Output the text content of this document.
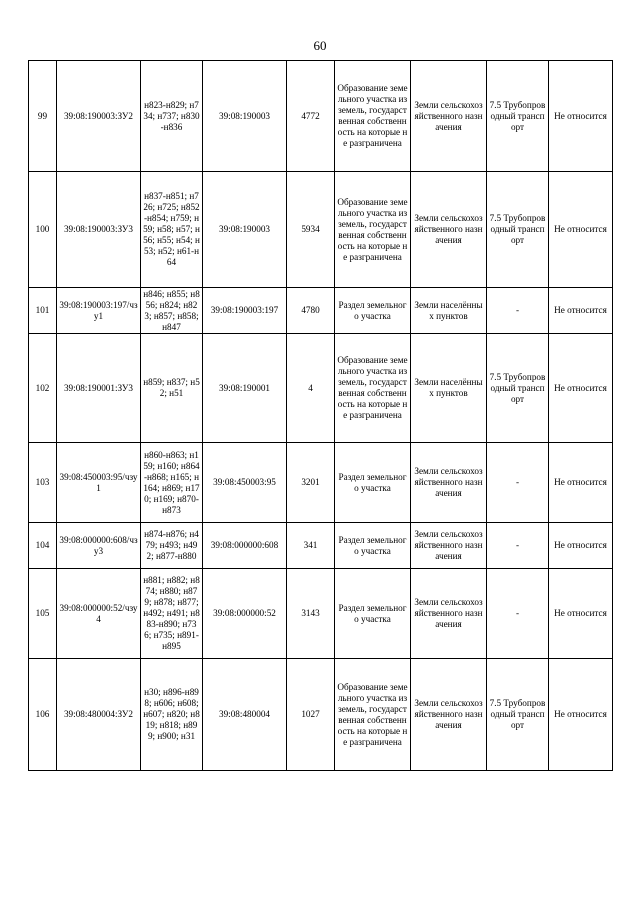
60
99	39:08:190003:ЗУ2	н823-н829; н734; н737; н830-н836	39:08:190003	4772	Образование земельного участка из земель, государственная собственность на которые не разграничена	Земли сельскохозяйственного назначения	7.5 Трубопроводный транспорт	Не относится
100	39:08:190003:ЗУ3	н837-н851; н726; н725; н852-н854; н759; н59; н58; н57; н56; н55; н54; н53; н52; н61-н64	39:08:190003	5934	Образование земельного участка из земель, государственная собственность на которые не разграничена	Земли сельскохозяйственного назначения	7.5 Трубопроводный транспорт	Не относится
101	39:08:190003:197/чзу1	н846; н855; н856; н824; н823; н857; н858; н847	39:08:190003:197	4780	Раздел земельного участка	Земли населённых пунктов	-	Не относится
102	39:08:190001:ЗУ3	н859; н837; н52; н51	39:08:190001	4	Образование земельного участка из земель, государственная собственность на которые не разграничена	Земли населённых пунктов	7.5 Трубопроводный транспорт	Не относится
103	39:08:450003:95/чзу1	н860-н863; н159; н160; н864-н868; н165; н164; н869; н170; н169; н870-н873	39:08:450003:95	3201	Раздел земельного участка	Земли сельскохозяйственного назначения	-	Не относится
104	39:08:000000:608/чзу3	н874-н876; н479; н493; н492; н877-н880	39:08:000000:608	341	Раздел земельного участка	Земли сельскохозяйственного назначения	-	Не относится
105	39:08:000000:52/чзу4	н881; н882; н874; н880; н879; н878; н877; н492; н491; н883-н890; н736; н735; н891-н895	39:08:000000:52	3143	Раздел земельного участка	Земли сельскохозяйственного назначения	-	Не относится
106	39:08:480004:ЗУ2	н30; н896-н898; н606; н608; н607; н820; н819; н818; н899; н900; н31	39:08:480004	1027	Образование земельного участка из земель, государственная собственность на которые не разграничена	Земли сельскохозяйственного назначения	7.5 Трубопроводный транспорт	Не относится
